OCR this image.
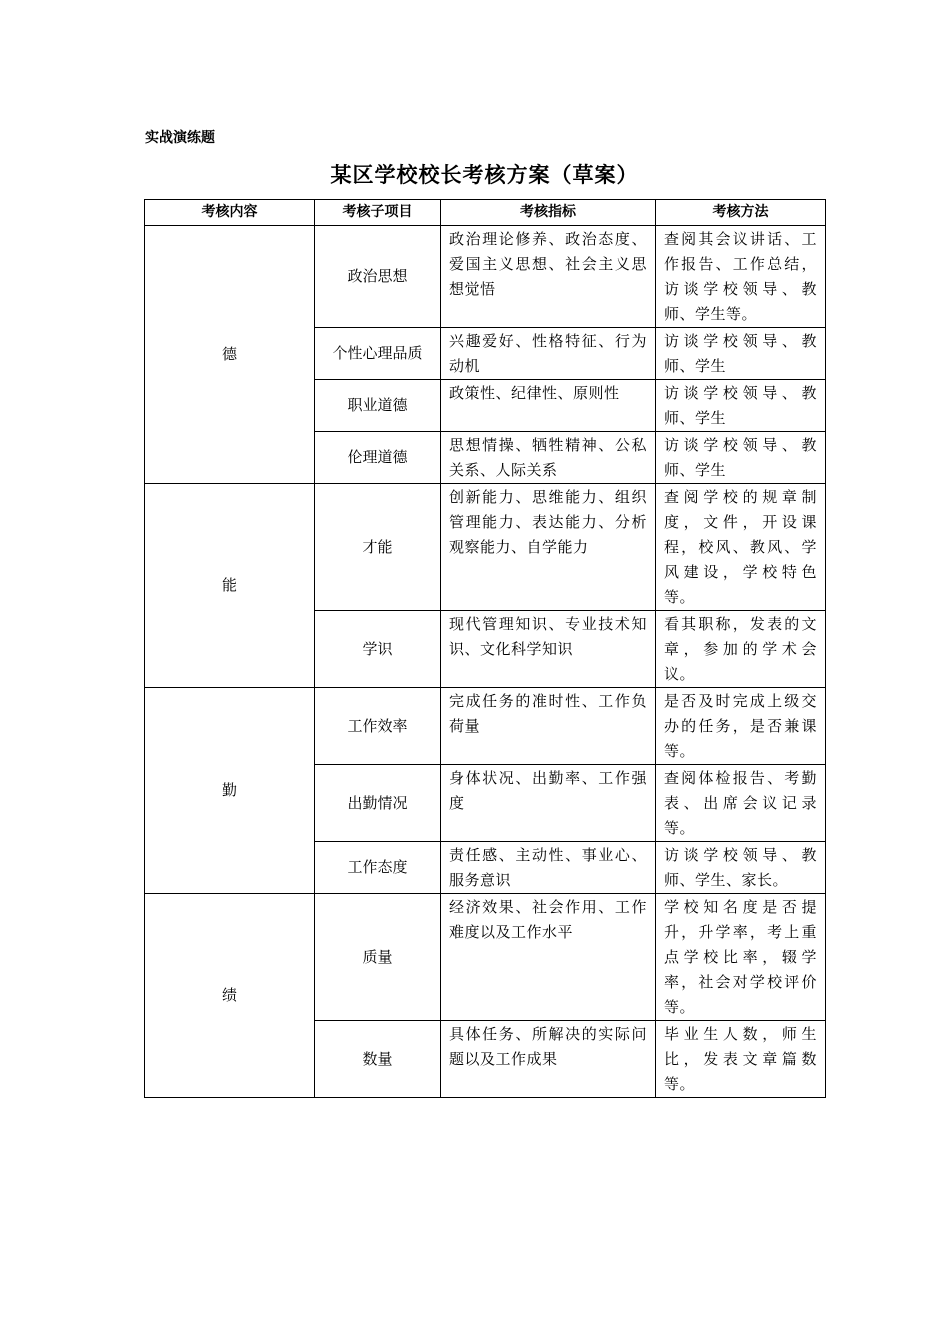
实战演练题
某区学校校长考核方案（草案）
考核内容	考核子项目	考核指标	考核方法
德	政治思想	政治理论修养、政治态度、爱国主义思想、社会主义思想觉悟	查阅其会议讲话、工作报告、工作总结，访谈学校领导、教师、学生等。
	个性心理品质	兴趣爱好、性格特征、行为动机	访谈学校领导、教师、学生
	职业道德	政策性、纪律性、原则性	访谈学校领导、教师、学生
	伦理道德	思想情操、牺牲精神、公私关系、人际关系	访谈学校领导、教师、学生
能	才能	创新能力、思维能力、组织管理能力、表达能力、分析观察能力、自学能力	查阅学校的规章制度，文件，开设课程，校风、教风、学风建设，学校特色等。
	学识	现代管理知识、专业技术知识、文化科学知识	看其职称，发表的文章，参加的学术会议。
勤	工作效率	完成任务的准时性、工作负荷量	是否及时完成上级交办的任务，是否兼课等。
	出勤情况	身体状况、出勤率、工作强度	查阅体检报告、考勤表、出席会议记录等。
	工作态度	责任感、主动性、事业心、服务意识	访谈学校领导、教师、学生、家长。
绩	质量	经济效果、社会作用、工作难度以及工作水平	学校知名度是否提升，升学率，考上重点学校比率，辍学率，社会对学校评价等。
	数量	具体任务、所解决的实际问题以及工作成果	毕业生人数，师生比，发表文章篇数等。
